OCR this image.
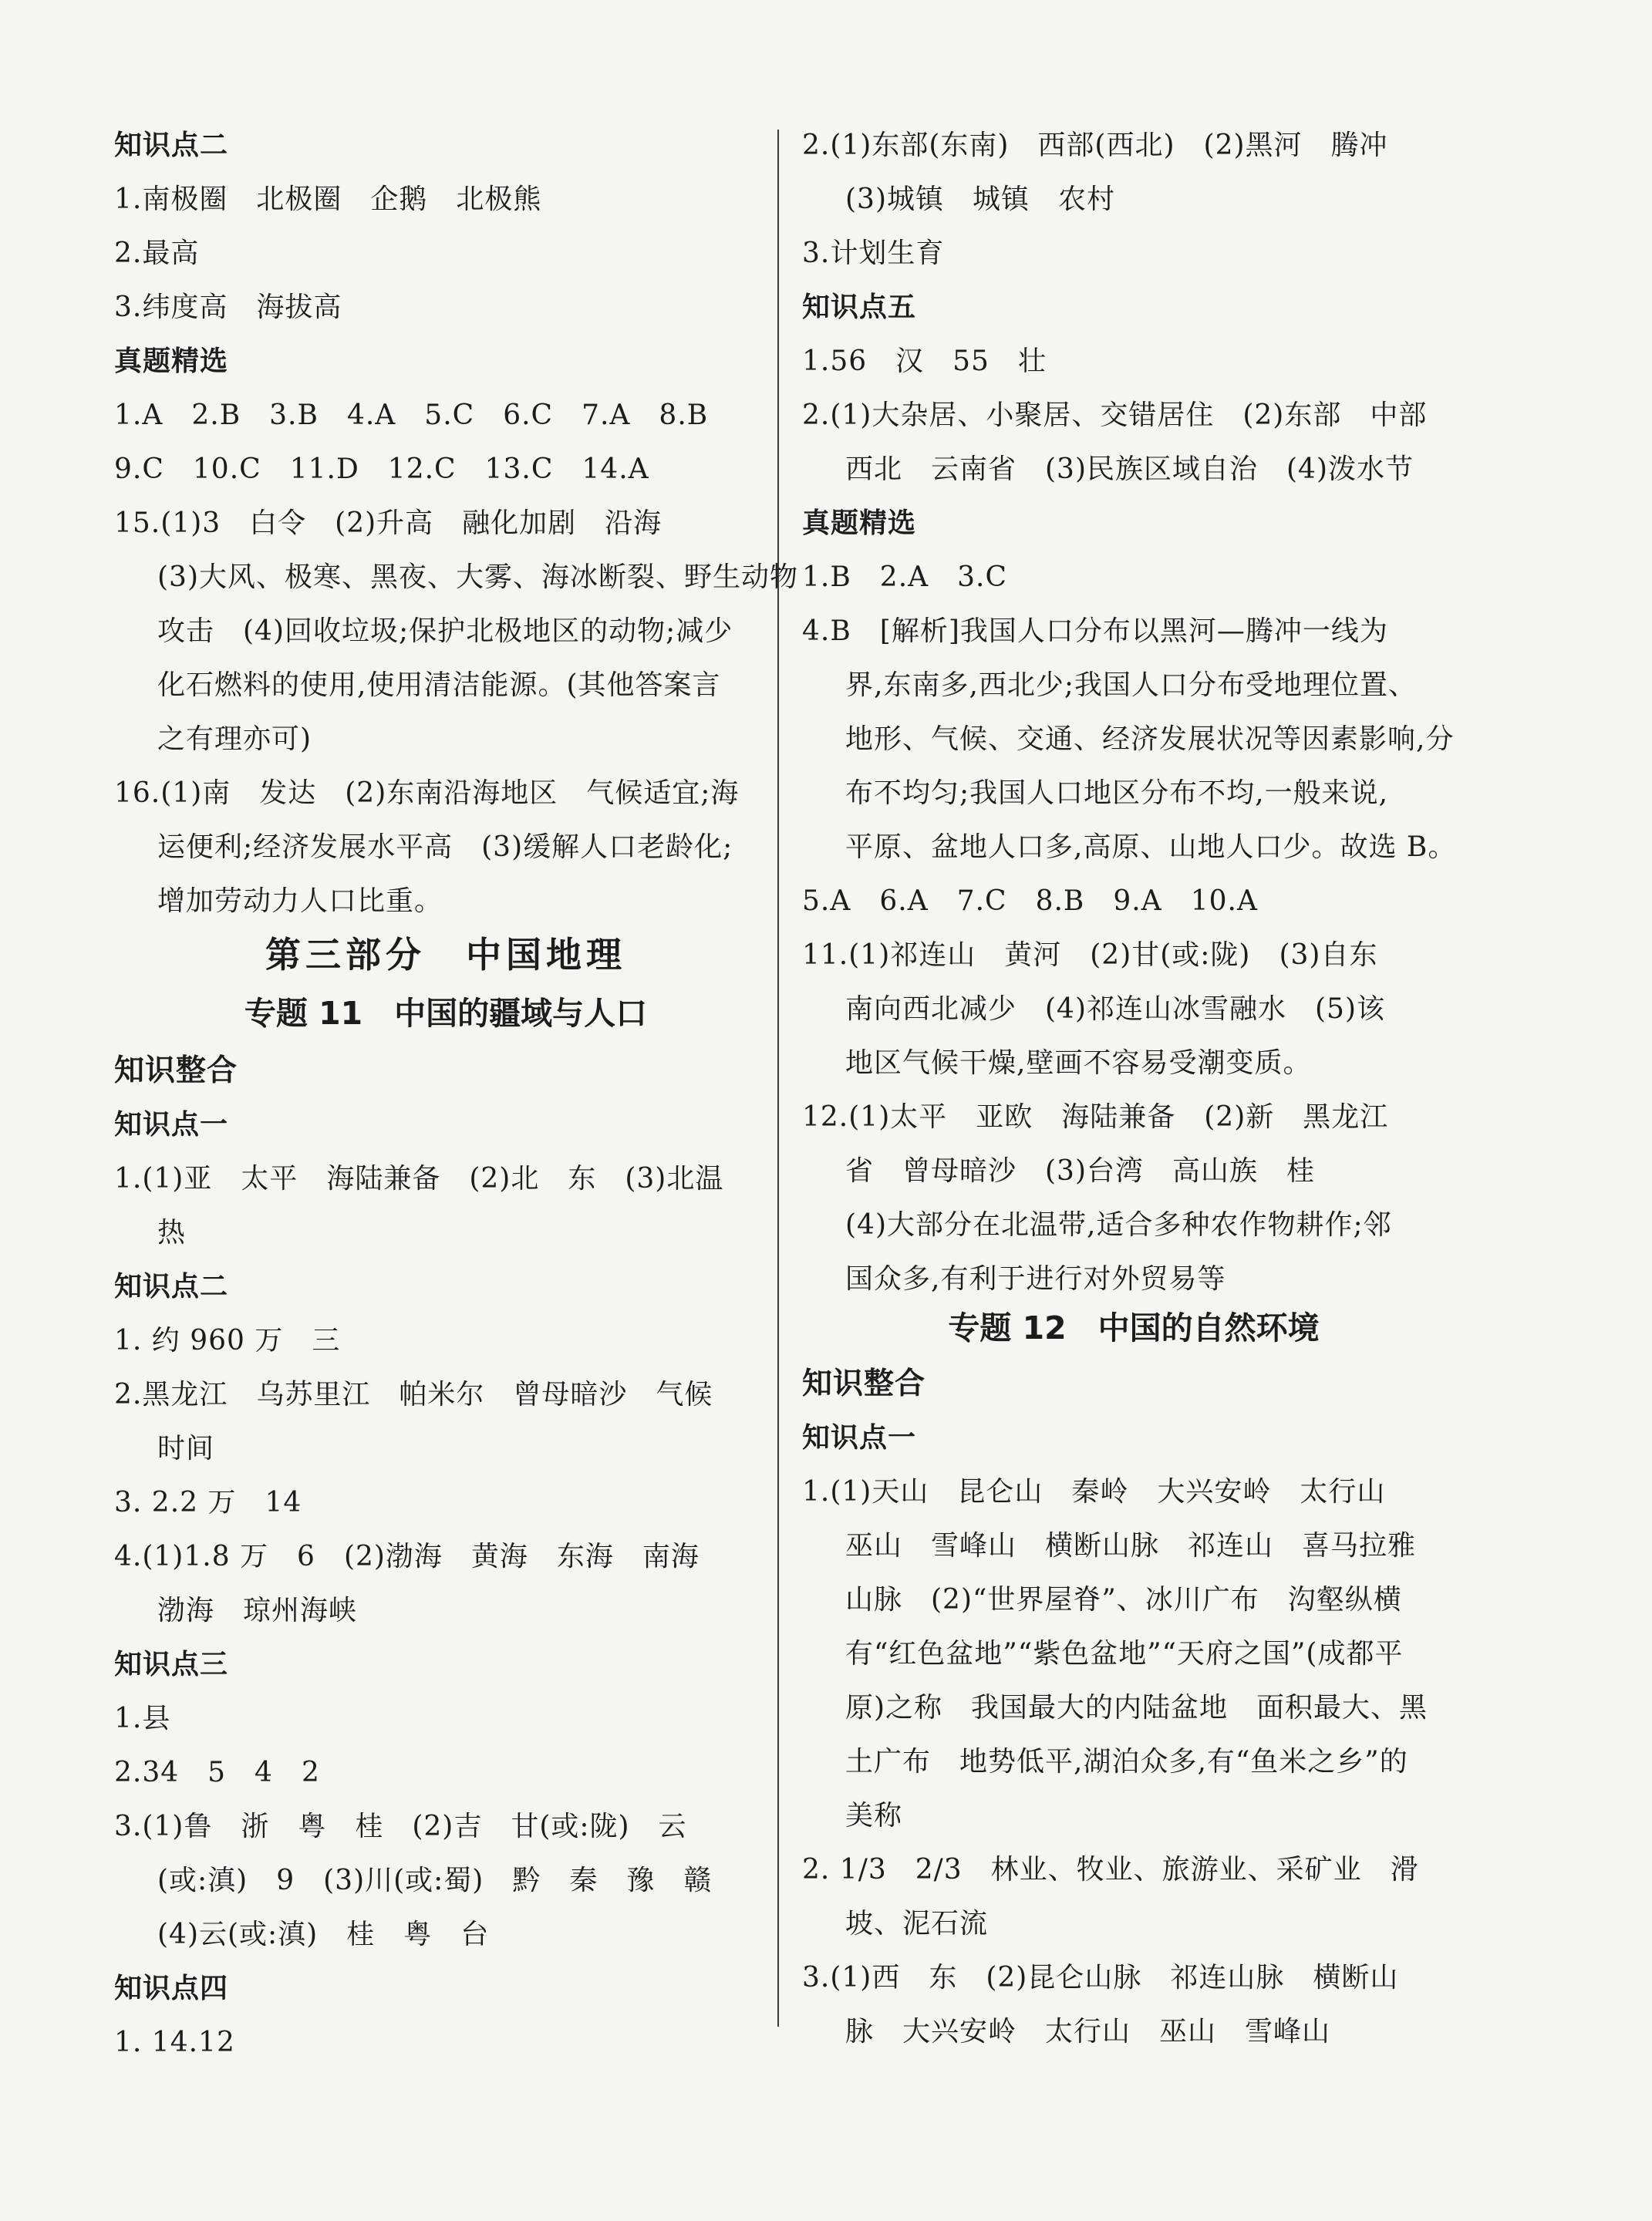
知识点二
1.南极圈　北极圈　企鹅　北极熊
2.最高
3.纬度高　海拔高
真题精选
1.A　2.B　3.B　4.A　5.C　6.C　7.A　8.B
9.C　10.C　11.D　12.C　13.C　14.A
15.(1)3　白令　(2)升高　融化加剧　沿海
(3)大风、极寒、黑夜、大雾、海冰断裂、野生动物
攻击　(4)回收垃圾;保护北极地区的动物;减少
化石燃料的使用,使用清洁能源。(其他答案言
之有理亦可)
16.(1)南　发达　(2)东南沿海地区　气候适宜;海
运便利;经济发展水平高　(3)缓解人口老龄化;
增加劳动力人口比重。
第三部分　中国地理
专题 11　中国的疆域与人口
知识整合
知识点一
1.(1)亚　太平　海陆兼备　(2)北　东　(3)北温
热
知识点二
1. 约 960 万　三
2.黑龙江　乌苏里江　帕米尔　曾母暗沙　气候
时间
3. 2.2 万　14
4.(1)1.8 万　6　(2)渤海　黄海　东海　南海
渤海　琼州海峡
知识点三
1.县
2.34　5　4　2
3.(1)鲁　浙　粤　桂　(2)吉　甘(或:陇)　云
(或:滇)　9　(3)川(或:蜀)　黔　秦　豫　赣
(4)云(或:滇)　桂　粤　台
知识点四
1. 14.12
2.(1)东部(东南)　西部(西北)　(2)黑河　腾冲
(3)城镇　城镇　农村
3.计划生育
知识点五
1.56　汉　55　壮
2.(1)大杂居、小聚居、交错居住　(2)东部　中部
西北　云南省　(3)民族区域自治　(4)泼水节
真题精选
1.B　2.A　3.C
4.B　[解析]我国人口分布以黑河—腾冲一线为
界,东南多,西北少;我国人口分布受地理位置、
地形、气候、交通、经济发展状况等因素影响,分
布不均匀;我国人口地区分布不均,一般来说,
平原、盆地人口多,高原、山地人口少。故选 B。
5.A　6.A　7.C　8.B　9.A　10.A
11.(1)祁连山　黄河　(2)甘(或:陇)　(3)自东
南向西北减少　(4)祁连山冰雪融水　(5)该
地区气候干燥,壁画不容易受潮变质。
12.(1)太平　亚欧　海陆兼备　(2)新　黑龙江
省　曾母暗沙　(3)台湾　高山族　桂
(4)大部分在北温带,适合多种农作物耕作;邻
国众多,有利于进行对外贸易等
专题 12　中国的自然环境
知识整合
知识点一
1.(1)天山　昆仑山　秦岭　大兴安岭　太行山
巫山　雪峰山　横断山脉　祁连山　喜马拉雅
山脉　(2)“世界屋脊”、冰川广布　沟壑纵横
有“红色盆地”“紫色盆地”“天府之国”(成都平
原)之称　我国最大的内陆盆地　面积最大、黑
土广布　地势低平,湖泊众多,有“鱼米之乡”的
美称
2. 1/3　2/3　林业、牧业、旅游业、采矿业　滑
坡、泥石流
3.(1)西　东　(2)昆仑山脉　祁连山脉　横断山
脉　大兴安岭　太行山　巫山　雪峰山
